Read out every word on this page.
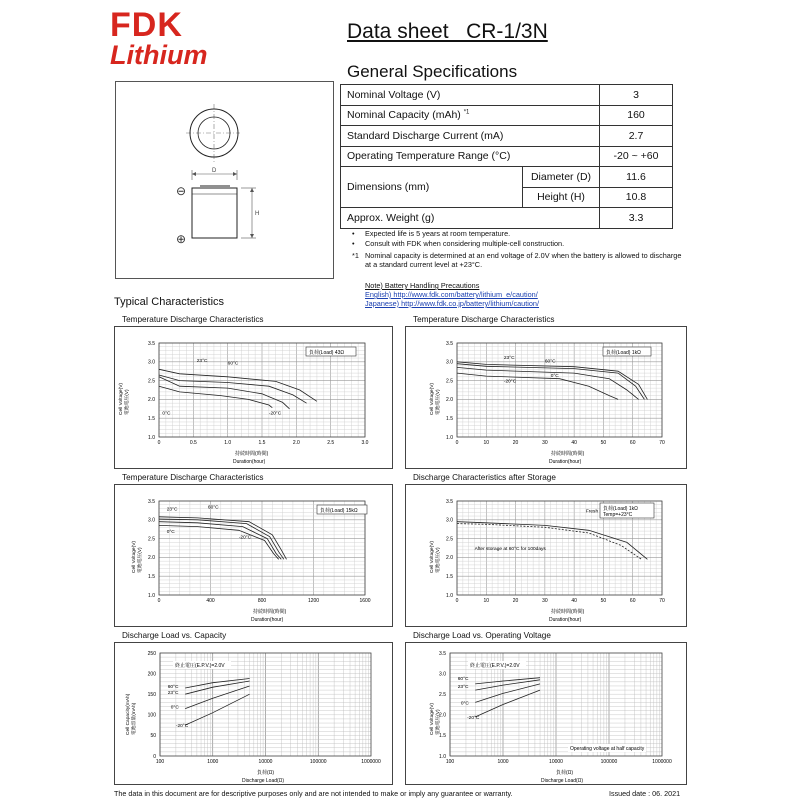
FDK
Lithium
Data sheet   CR-1/3N
General Specifications
D
H
⊖
⊕
Nominal Voltage (V)		3
Nominal Capacity (mAh) $^{*1}$		160
Standard Discharge Current (mA)		2.7
Operating Temperature Range (°C)		-20 ~ +60
Dimensions (mm)	Diameter (D)	11.6
	Height (H)	10.8
Approx. Weight (g)		3.3
• Expected life is 5 years at room temperature.
• Consult with FDK when considering multiple-cell construction.
*1 Nominal capacity is determined at an end voltage of 2.0V when the battery is allowed to discharge at a standard current level at +23°C.
Note) Battery Handling Precautions
English) http://www.fdk.com/battery/lithium_e/caution/
Japanese) http://www.fdk.co.jp/battery/lithium/caution/
Typical Characteristics
Temperature Discharge Characteristics	Temperature Discharge Characteristics
Temperature Discharge Characteristics	Discharge Characteristics after Storage
Discharge Load vs. Capacity	Discharge Load vs. Operating Voltage
Cell Voltage(V) 電池電圧(V)
持続時間(時間)
Duration(hour)
負荷(Load) 43Ω
0	0.5	1.0	1.5	2.0	2.5	3.0
1.0
1.5
2.0
2.5
3.0
3.5
23°C
60°C
0°C	-20°C	Cell Voltage(V) 電池電圧(V)
持続時間(時間)
Duration(hour)
負荷(Load) 1kΩ
0	10	20	30	40	50	60	70
1.0
1.5
2.0
2.5
3.0
3.5
23°C
60°C
0°C
-20°C
Cell Voltage(V) 電池電圧(V)
持続時間(時間)
Duration(hour)
負荷(Load) 15kΩ
0	400	800	1200	1600
1.0
1.5
2.0
2.5
3.0
3.5
23°C	60°C
0°C
-20°C
Cell Voltage(V) 電池電圧(V)
持続時間(時間)
Duration(hour)
負荷(Load) 1kΩ
Temp=+23°C
0	10	20	30	40	50	60	70
1.0
1.5
2.0
2.5
3.0
3.5
Fresh
After storage at 60°C for 100days
Cell Capacity(mAh) 電池容量(mAh)
負荷(Ω)
Discharge Load(Ω)
終止電圧(E.P.V.)=2.0V
100	1000	10000	100000	1000000
0
50
100
150
200
250
60°C
23°C
0°C
-20°C	Cell Voltage(V) 電池電圧(V)
負荷(Ω)
Discharge Load(Ω)
終止電圧(E.P.V.)=2.0V
Operating voltage at half capacity
100	1000	10000	100000	1000000
1.0
1.5
2.0
2.5
3.0
3.5
60°C
23°C
0°C
-20°C
The data in this document are for descriptive purposes only and are not intended to make or imply any guarantee or warranty.	Issued date : 06. 2021
